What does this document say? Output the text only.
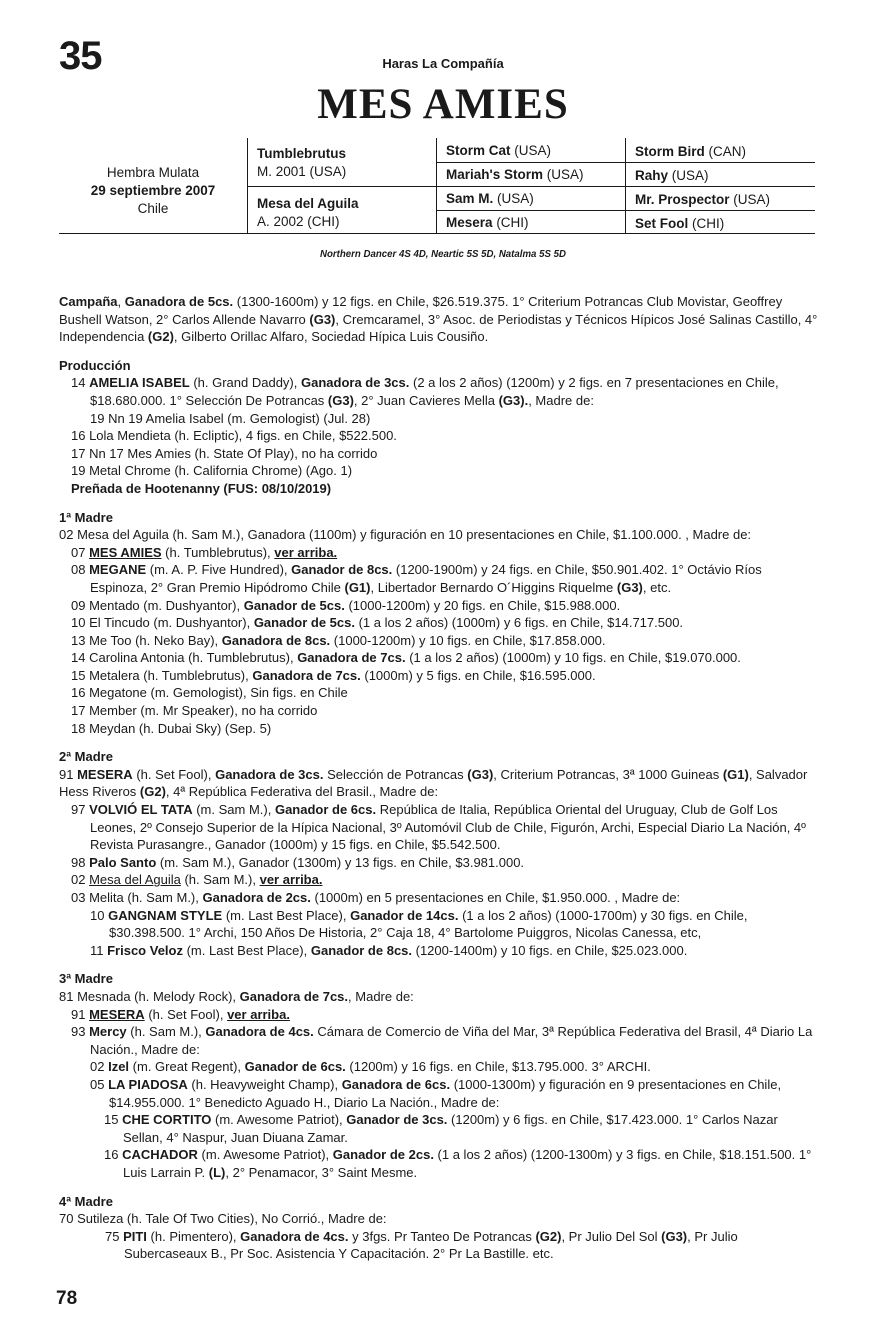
35	Haras La Compañía
MES AMIES
Hembra Mulata
29 septiembre 2007
Chile
Tumblebrutus
M. 2001 (USA)
Mesa del Aguila
A. 2002 (CHI)
Storm Cat (USA)
Mariah's Storm (USA)
Sam M. (USA)
Mesera (CHI)
Storm Bird (CAN)
Rahy (USA)
Mr. Prospector (USA)
Set Fool (CHI)
Northern Dancer 4S 4D, Neartic 5S 5D, Natalma 5S 5D

Campaña, Ganadora de 5cs. (1300-1600m) y 12 figs. en Chile, $26.519.375. 1° Criterium Potrancas Club Movistar, Geoffrey Bushell Watson, 2° Carlos Allende Navarro (G3), Cremcaramel, 3° Asoc. de Periodistas y Técnicos Hípicos José Salinas Castillo, 4° Independencia (G2), Gilberto Orillac Alfaro, Sociedad Hípica Luis Cousiño.

Producción

14 AMELIA ISABEL (h. Grand Daddy), Ganadora de 3cs. (2 a los 2 años) (1200m) y 2 figs. en 7 presentaciones en Chile, $18.680.000. 1° Selección De Potrancas (G3), 2° Juan Cavieres Mella (G3)., Madre de:

19 Nn 19 Amelia Isabel (m. Gemologist) (Jul. 28)

16 Lola Mendieta (h. Ecliptic), 4 figs. en Chile, $522.500.

17 Nn 17 Mes Amies (h. State Of Play), no ha corrido

19 Metal Chrome (h. California Chrome) (Ago. 1)

Preñada de Hootenanny (FUS: 08/10/2019)

1ª Madre

02 Mesa del Aguila (h. Sam M.), Ganadora (1100m) y figuración en 10 presentaciones en Chile, $1.100.000. , Madre de:

07 MES AMIES (h. Tumblebrutus), ver arriba.

08 MEGANE (m. A. P. Five Hundred), Ganador de 8cs. (1200-1900m) y 24 figs. en Chile, $50.901.402. 1° Octávio Ríos Espinoza, 2° Gran Premio Hipódromo Chile (G1), Libertador Bernardo O´Higgins Riquelme (G3), etc.

09 Mentado (m. Dushyantor), Ganador de 5cs. (1000-1200m) y 20 figs. en Chile, $15.988.000.

10 El Tincudo (m. Dushyantor), Ganador de 5cs. (1 a los 2 años) (1000m) y 6 figs. en Chile, $14.717.500.

13 Me Too (h. Neko Bay), Ganadora de 8cs. (1000-1200m) y 10 figs. en Chile, $17.858.000.

14 Carolina Antonia (h. Tumblebrutus), Ganadora de 7cs. (1 a los 2 años) (1000m) y 10 figs. en Chile, $19.070.000.

15 Metalera (h. Tumblebrutus), Ganadora de 7cs. (1000m) y 5 figs. en Chile, $16.595.000.

16 Megatone (m. Gemologist), Sin figs. en Chile

17 Member (m. Mr Speaker), no ha corrido

18 Meydan (h. Dubai Sky) (Sep. 5)

2ª Madre

91 MESERA (h. Set Fool), Ganadora de 3cs. Selección de Potrancas (G3), Criterium Potrancas, 3ª 1000 Guineas (G1), Salvador Hess Riveros (G2), 4ª República Federativa del Brasil., Madre de:

97 VOLVIÓ EL TATA (m. Sam M.), Ganador de 6cs. República de Italia, República Oriental del Uruguay, Club de Golf Los Leones, 2º Consejo Superior de la Hípica Nacional, 3º Automóvil Club de Chile, Figurón, Archi, Especial Diario La Nación, 4º Revista Purasangre., Ganador (1000m) y 15 figs. en Chile, $5.542.500.

98 Palo Santo (m. Sam M.), Ganador (1300m) y 13 figs. en Chile, $3.981.000.

02 Mesa del Aguila (h. Sam M.), ver arriba.

03 Melita (h. Sam M.), Ganadora de 2cs. (1000m) en 5 presentaciones en Chile, $1.950.000. , Madre de:

10 GANGNAM STYLE (m. Last Best Place), Ganador de 14cs. (1 a los 2 años) (1000-1700m) y 30 figs. en Chile, $30.398.500. 1° Archi, 150 Años De Historia, 2° Caja 18, 4° Bartolome Puiggros, Nicolas Canessa, etc,

11 Frisco Veloz (m. Last Best Place), Ganador de 8cs. (1200-1400m) y 10 figs. en Chile, $25.023.000.

3ª Madre

81 Mesnada (h. Melody Rock), Ganadora de 7cs., Madre de:

91 MESERA (h. Set Fool), ver arriba.

93 Mercy (h. Sam M.), Ganadora de 4cs. Cámara de Comercio de Viña del Mar, 3ª República Federativa del Brasil, 4ª Diario La Nación., Madre de:

02 Izel (m. Great Regent), Ganador de 6cs. (1200m) y 16 figs. en Chile, $13.795.000. 3° ARCHI.

05 LA PIADOSA (h. Heavyweight Champ), Ganadora de 6cs. (1000-1300m) y figuración en 9 presentaciones en Chile, $14.955.000. 1° Benedicto Aguado H., Diario La Nación., Madre de:

15 CHE CORTITO (m. Awesome Patriot), Ganador de 3cs. (1200m) y 6 figs. en Chile, $17.423.000. 1° Carlos Nazar Sellan, 4° Naspur, Juan Diuana Zamar.

16 CACHADOR (m. Awesome Patriot), Ganador de 2cs. (1 a los 2 años) (1200-1300m) y 3 figs. en Chile, $18.151.500. 1° Luis Larrain P. (L), 2° Penamacor, 3° Saint Mesme.

4ª Madre

70 Sutileza (h. Tale Of Two Cities), No Corrió., Madre de:

75 PITI (h. Pimentero), Ganadora de 4cs. y 3fgs. Pr Tanteo De Potrancas (G2), Pr Julio Del Sol (G3), Pr Julio Subercaseaux B., Pr Soc. Asistencia Y Capacitación. 2° Pr La Bastille. etc.

78
